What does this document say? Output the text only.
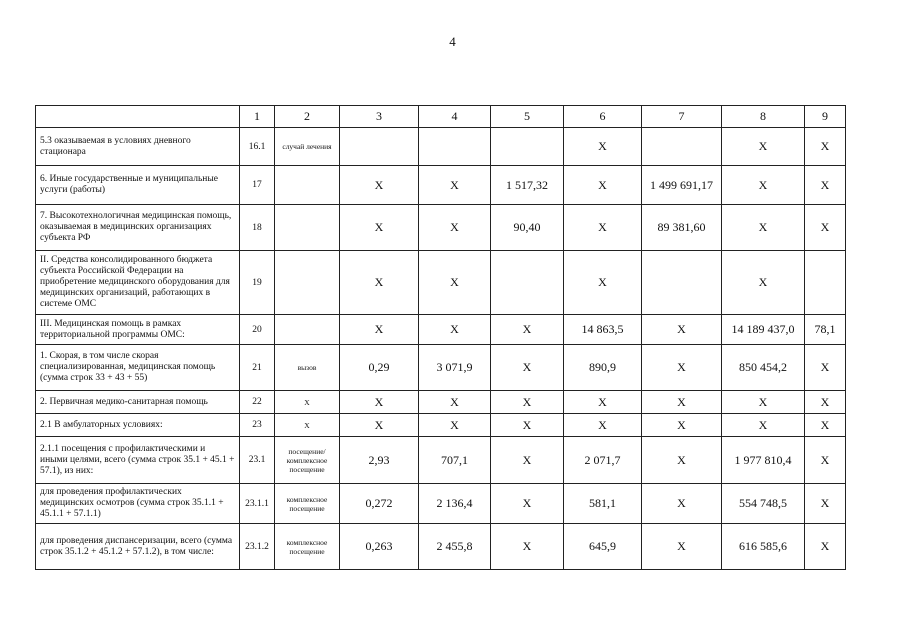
4
	1	2	3	4	5	6	7	8	9
5.3 оказываемая в условиях дневного стационара	16.1	случай лечения				X		X	X
6. Иные государственные и муниципальные услуги (работы)	17		X	X	1 517,32	X	1 499 691,17	X	X
7. Высокотехнологичная медицинская помощь, оказываемая в медицинских организациях субъекта РФ	18		X	X	90,40	X	89 381,60	X	X
II. Средства консолидированного бюджета субъекта Российской Федерации на приобретение медицинского оборудования для медицинских организаций, работающих в системе ОМС	19		X	X		X		X	
III. Медицинская помощь в рамках территориальной программы ОМС:	20		X	X	X	14 863,5	X	14 189 437,0	78,1
1. Скорая, в том числе скорая специализированная, медицинская помощь (сумма строк 33 + 43 + 55)	21	вызов	0,29	3 071,9	X	890,9	X	850 454,2	X
2. Первичная медико-санитарная помощь	22	X	X	X	X	X	X	X	X
2.1 В амбулаторных условиях:	23	X	X	X	X	X	X	X	X
2.1.1 посещения с профилактическими и иными целями, всего (сумма строк 35.1 + 45.1 + 57.1), из них:	23.1	посещение/ комплексное посещение	2,93	707,1	X	2 071,7	X	1 977 810,4	X
для проведения профилактических медицинских осмотров (сумма строк 35.1.1 + 45.1.1 + 57.1.1)	23.1.1	комплексное посещение	0,272	2 136,4	X	581,1	X	554 748,5	X
для проведения диспансеризации, всего (сумма строк 35.1.2 + 45.1.2 + 57.1.2), в том числе:	23.1.2	комплексное посещение	0,263	2 455,8	X	645,9	X	616 585,6	X
